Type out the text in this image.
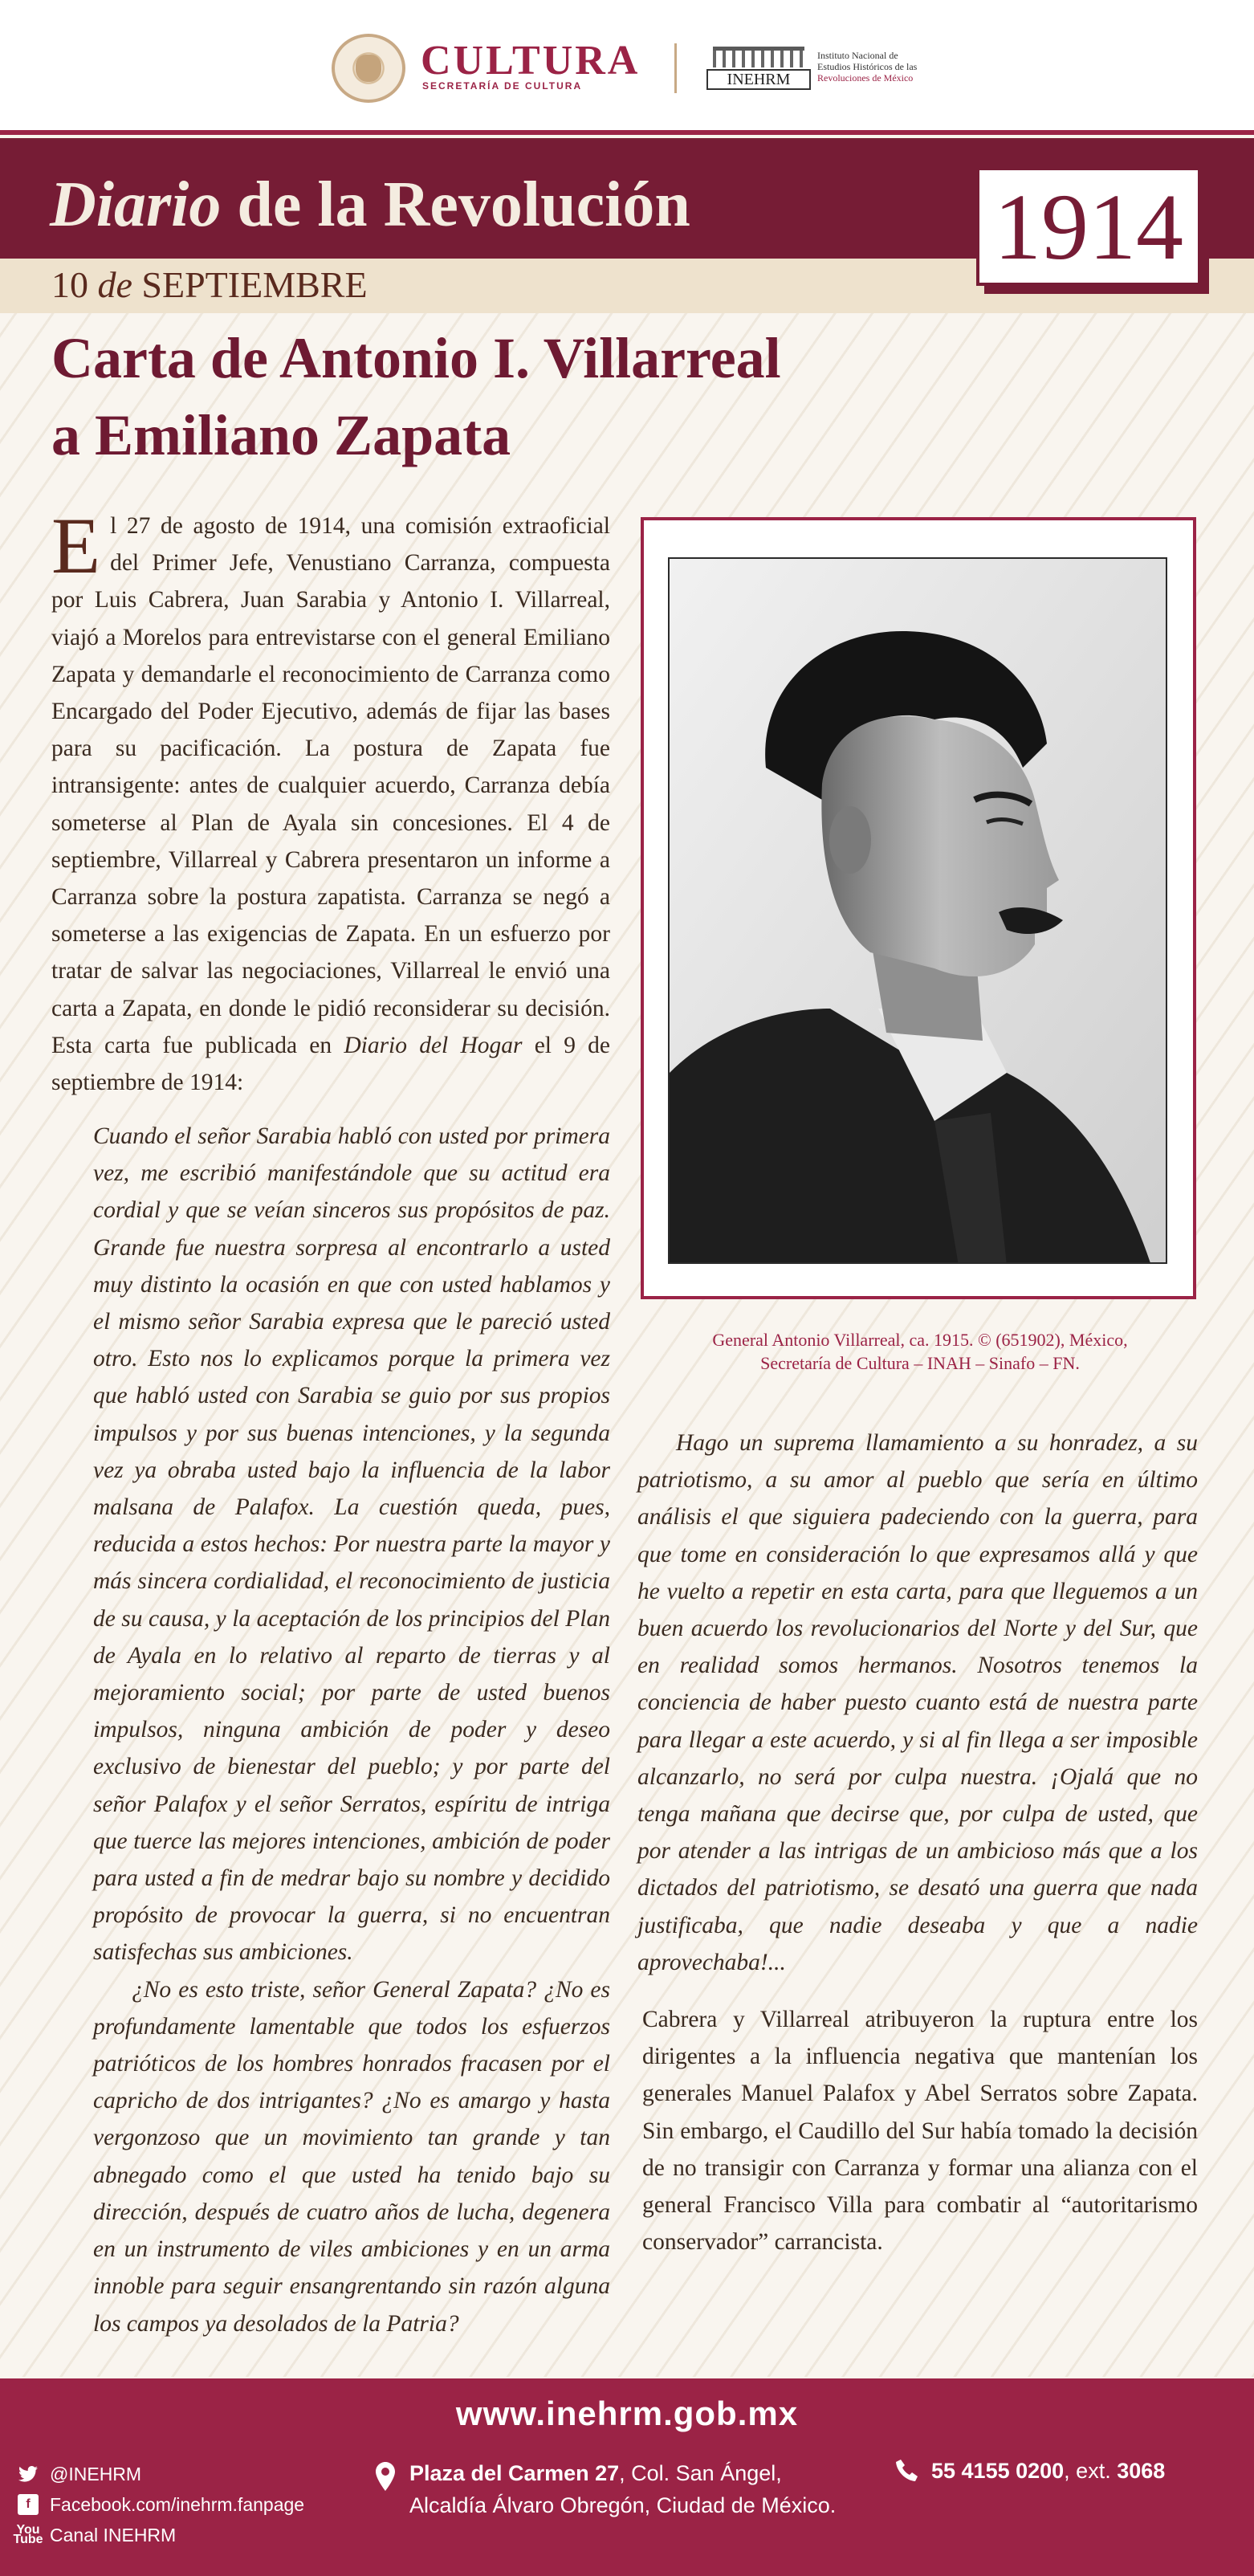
CULTURA
SECRETARÍA DE CULTURA	INEHRM
Instituto Nacional de
Estudios Históricos de las
Revoluciones de México
Diario de la Revolución
10 de SEPTIEMBRE
1914
Carta de Antonio I. Villarreal
a Emiliano Zapata
El 27 de agosto de 1914, una comisión extraoficial del Primer Jefe, Venustiano Carranza, compuesta por Luis Cabrera, Juan Sarabia y Antonio I. Villarreal, viajó a Morelos para entrevistarse con el general Emiliano Zapata y demandarle el reconocimiento de Carranza como Encargado del Poder Ejecutivo, además de fijar las bases para su pacificación. La postura de Zapata fue intransigente: antes de cualquier acuerdo, Carranza debía someterse al Plan de Ayala sin concesiones. El 4 de septiembre, Villarreal y Cabrera presentaron un informe a Carranza sobre la postura zapatista. Carranza se negó a someterse a las exigencias de Zapata. En un esfuerzo por tratar de salvar las negociaciones, Villarreal le envió una carta a Zapata, en donde le pidió reconsiderar su decisión. Esta carta fue publicada en Diario del Hogar el 9 de septiembre de 1914:

Cuando el señor Sarabia habló con usted por primera vez, me escribió manifestándole que su actitud era cordial y que se veían sinceros sus propósitos de paz. Grande fue nuestra sorpresa al encontrarlo a usted muy distinto la ocasión en que con usted hablamos y el mismo señor Sarabia expresa que le pareció usted otro. Esto nos lo explicamos porque la primera vez que habló usted con Sarabia se guio por sus propios impulsos y por sus buenas intenciones, y la segunda vez ya obraba usted bajo la influencia de la labor malsana de Palafox. La cuestión queda, pues, reducida a estos hechos: Por nuestra parte la mayor y más sincera cordialidad, el reconocimiento de justicia de su causa, y la aceptación de los principios del Plan de Ayala en lo relativo al reparto de tierras y al mejoramiento social; por parte de usted buenos impulsos, ninguna ambición de poder y deseo exclusivo de bienestar del pueblo; y por parte del señor Palafox y el señor Serratos, espíritu de intriga que tuerce las mejores intenciones, ambición de poder para usted a fin de medrar bajo su nombre y decidido propósito de provocar la guerra, si no encuentran satisfechas sus ambiciones.

¿No es esto triste, señor General Zapata? ¿No es profundamente lamentable que todos los esfuerzos patrióticos de los hombres honrados fracasen por el capricho de dos intrigantes? ¿No es amargo y hasta vergonzoso que un movimiento tan grande y tan abnegado como el que usted ha tenido bajo su dirección, después de cuatro años de lucha, degenera en un instrumento de viles ambiciones y en un arma innoble para seguir ensangrentando sin razón alguna los campos ya desolados de la Patria?

General Antonio Villarreal, ca. 1915. © (651902), México,
Secretaría de Cultura – INAH – Sinafo – FN.

Hago un suprema llamamiento a su honradez, a su patriotismo, a su amor al pueblo que sería en último análisis el que siguiera padeciendo con la guerra, para que tome en consideración lo que expresamos allá y que he vuelto a repetir en esta carta, para que lleguemos a un buen acuerdo los revolucionarios del Norte y del Sur, que en realidad somos hermanos. Nosotros tenemos la conciencia de haber puesto cuanto está de nuestra parte para llegar a este acuerdo, y si al fin llega a ser imposible alcanzarlo, no será por culpa nuestra. ¡Ojalá que no tenga mañana que decirse que, por culpa de usted, que por atender a las intrigas de un ambicioso más que a los dictados del patriotismo, se desató una guerra que nada justificaba, que nadie deseaba y que a nadie aprovechaba!...

Cabrera y Villarreal atribuyeron la ruptura entre los dirigentes a la influencia negativa que mantenían los generales Manuel Palafox y Abel Serratos sobre Zapata. Sin embargo, el Caudillo del Sur había tomado la decisión de no transigir con Carranza y formar una alianza con el general Francisco Villa para combatir al “autoritarismo conservador” carrancista.
www.inehrm.gob.mx
@INEHRM
f	Facebook.com/inehrm.fanpage
You
Tube Canal INEHRM
Plaza del Carmen 27, Col. San Ángel,
Alcaldía Álvaro Obregón, Ciudad de México.
55 4155 0200, ext. 3068
